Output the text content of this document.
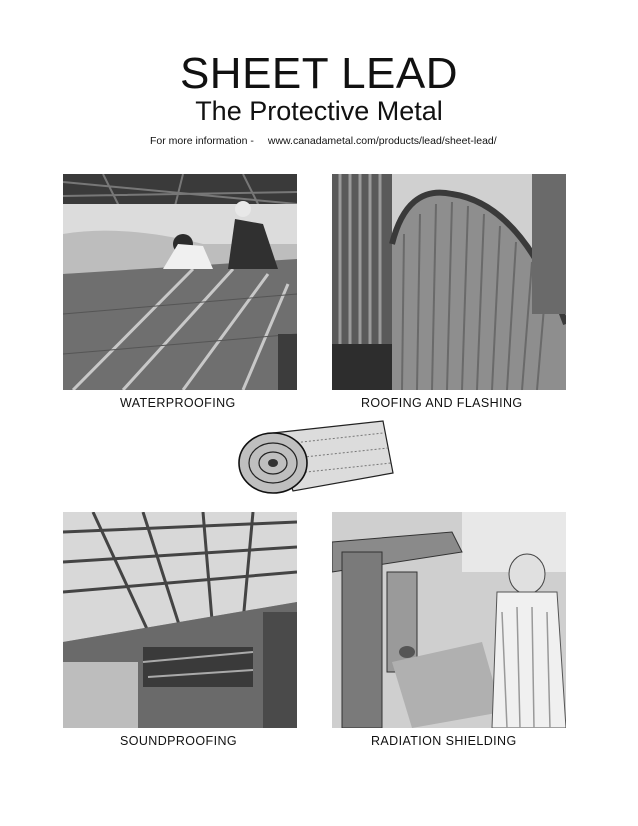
SHEET LEAD
The Protective Metal
For more information - www.canadametal.com/products/lead/sheet-lead/
WATERPROOFING	ROOFING AND FLASHING
SOUNDPROOFING	RADIATION SHIELDING
